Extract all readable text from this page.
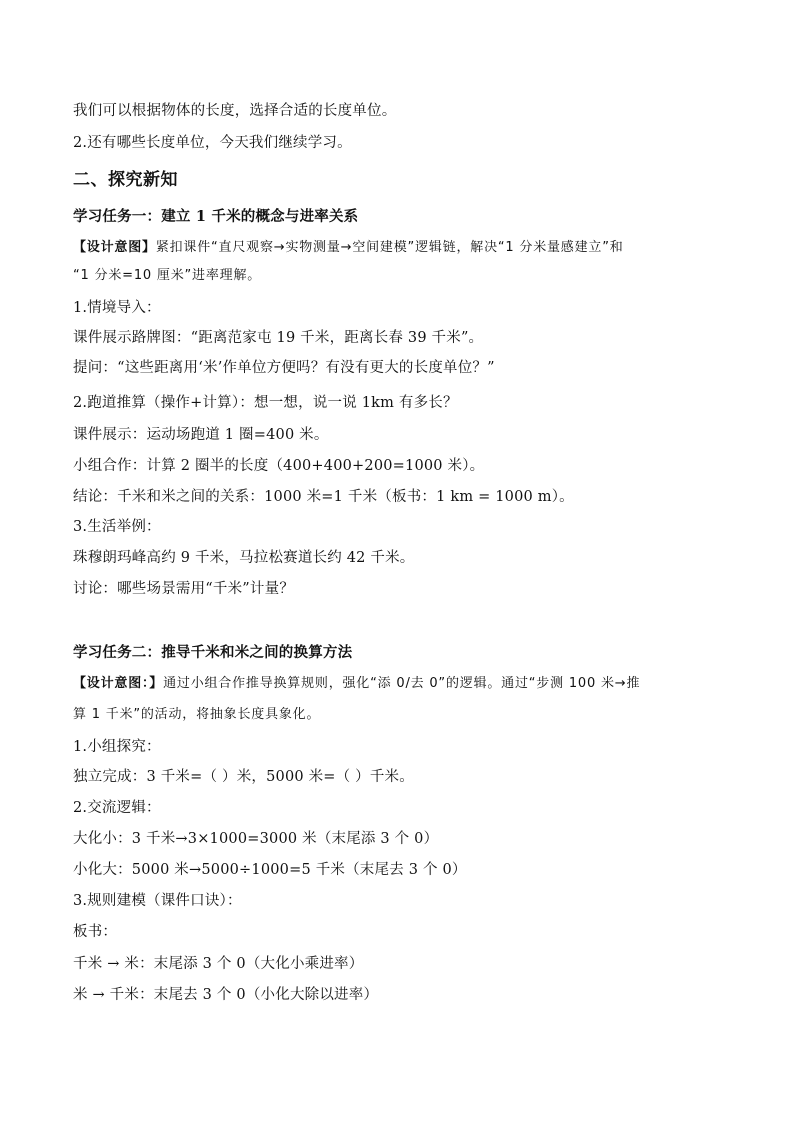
我们可以根据物体的长度，选择合适的长度单位。
2.还有哪些长度单位，今天我们继续学习。
二、探究新知
学习任务一：建立 1 千米的概念与进率关系
【设计意图】紧扣课件“直尺观察→实物测量→空间建模”逻辑链，解决“1 分米量感建立”和
“1 分米=10 厘米”进率理解。
1.情境导入：
课件展示路牌图：“距离范家屯 19 千米，距离长春 39 千米”。
提问：“这些距离用‘米’作单位方便吗？有没有更大的长度单位？”
2.跑道推算（操作+计算）：想一想，说一说 1km 有多长？
课件展示：运动场跑道 1 圈=400 米。
小组合作：计算 2 圈半的长度（400+400+200=1000 米）。
结论：千米和米之间的关系：1000 米=1 千米（板书：1 km = 1000 m）。
3.生活举例：
珠穆朗玛峰高约 9 千米，马拉松赛道长约 42 千米。
讨论：哪些场景需用“千米”计量？
学习任务二：推导千米和米之间的换算方法
【设计意图：】通过小组合作推导换算规则，强化“添 0/去 0”的逻辑。通过“步测 100 米→推
算 1 千米”的活动，将抽象长度具象化。
1.小组探究：
独立完成：3 千米=（ ）米，5000 米=（ ）千米。
2.交流逻辑：
大化小：3 千米→3×1000=3000 米（末尾添 3 个 0）
小化大：5000 米→5000÷1000=5 千米（末尾去 3 个 0）
3.规则建模（课件口诀）：
板书：
千米 → 米：末尾添 3 个 0（大化小乘进率）
米 → 千米：末尾去 3 个 0（小化大除以进率）
